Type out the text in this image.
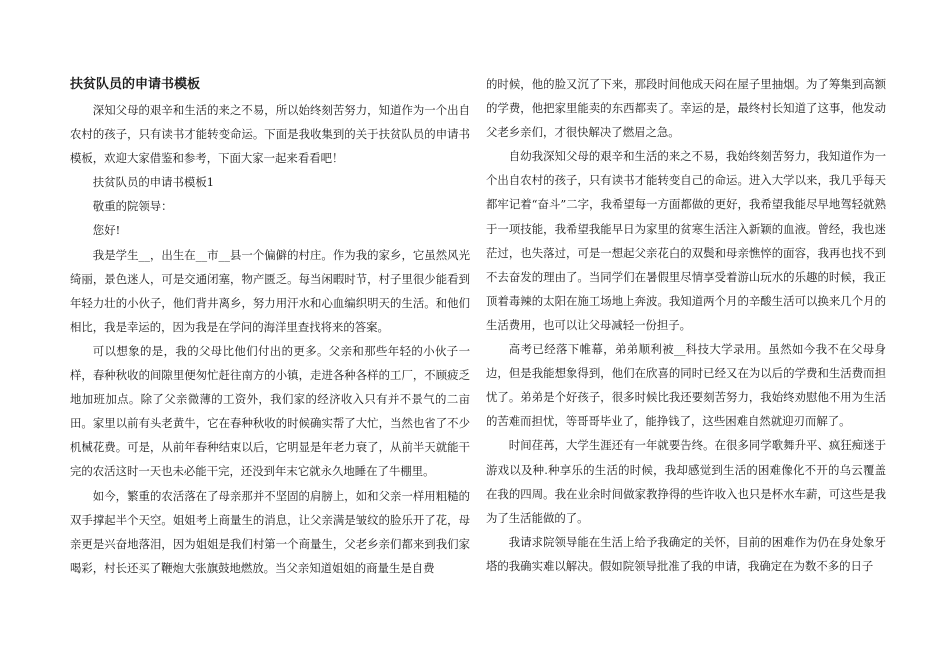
扶贫队员的申请书模板

深知父母的艰辛和生活的来之不易，所以始终刻苦努力，知道作为一个出自农村的孩子，只有读书才能转变命运。下面是我收集到的关于扶贫队员的申请书模板，欢迎大家借鉴和参考，下面大家一起来看看吧！

扶贫队员的申请书模板1

敬重的院领导：

您好!

我是学生__，出生在__市__县一个偏僻的村庄。作为我的家乡，它虽然风光绮丽，景色迷人，可是交通闭塞，物产匮乏。每当闲暇时节，村子里很少能看到年轻力壮的小伙子，他们背井离乡，努力用汗水和心血编织明天的生活。和他们相比，我是幸运的，因为我是在学问的海洋里查找将来的答案。

可以想象的是，我的父母比他们付出的更多。父亲和那些年轻的小伙子一样，春种秋收的间隙里便匆忙赶往南方的小镇，走进各种各样的工厂，不顾疲乏地加班加点。除了父亲微薄的工资外，我们家的经济收入只有并不景气的二亩田。家里以前有头老黄牛，它在春种秋收的时候确实帮了大忙，当然也省了不少机械花费。可是，从前年春种结束以后，它明显是年老力衰了，从前半天就能干完的农活这时一天也未必能干完，还没到年末它就永久地睡在了牛棚里。

如今，繁重的农活落在了母亲那并不坚固的肩膀上，如和父亲一样用粗糙的双手撑起半个天空。姐姐考上商量生的消息，让父亲满是皱纹的脸乐开了花，母亲更是兴奋地落泪，因为姐姐是我们村第一个商量生，父老乡亲们都来到我们家喝彩，村长还买了鞭炮大张旗鼓地燃放。当父亲知道姐姐的商量生是自费

的时候，他的脸又沉了下来，那段时间他成天闷在屋子里抽烟。为了筹集到高额的学费，他把家里能卖的东西都卖了。幸运的是，最终村长知道了这事，他发动父老乡亲们，才很快解决了燃眉之急。

自幼我深知父母的艰辛和生活的来之不易，我始终刻苦努力，我知道作为一个出自农村的孩子，只有读书才能转变自己的命运。进入大学以来，我几乎每天都牢记着“奋斗”二字，我希望每一方面都做的更好，我希望我能尽早地驾轻就熟于一项技能，我希望我能早日为家里的贫寒生活注入新颖的血液。曾经，我也迷茫过，也失落过，可是一想起父亲花白的双鬓和母亲憔悴的面容，我再也找不到不去奋发的理由了。当同学们在暑假里尽情享受着游山玩水的乐趣的时候，我正顶着毒辣的太阳在施工场地上奔波。我知道两个月的辛酸生活可以换来几个月的生活费用，也可以让父母减轻一份担子。

高考已经落下帷幕，弟弟顺利被__科技大学录用。虽然如今我不在父母身边，但是我能想象得到，他们在欣喜的同时已经又在为以后的学费和生活费而担忧了。弟弟是个好孩子，很多时候比我还要刻苦努力，我始终劝慰他不用为生活的苦难而担忧，等哥哥毕业了，能挣钱了，这些困难自然就迎刃而解了。

时间荏苒，大学生涯还有一年就要告终。在很多同学歌舞升平、疯狂痴迷于游戏以及种.种享乐的生活的时候，我却感觉到生活的困难像化不开的乌云覆盖在我的四周。我在业余时间做家教挣得的些许收入也只是杯水车薪，可这些是我为了生活能做的了。

我请求院领导能在生活上给予我确定的关怀，目前的困难作为仍在身处象牙塔的我确实难以解决。假如院领导批准了我的申请，我确定在为数不多的日子
